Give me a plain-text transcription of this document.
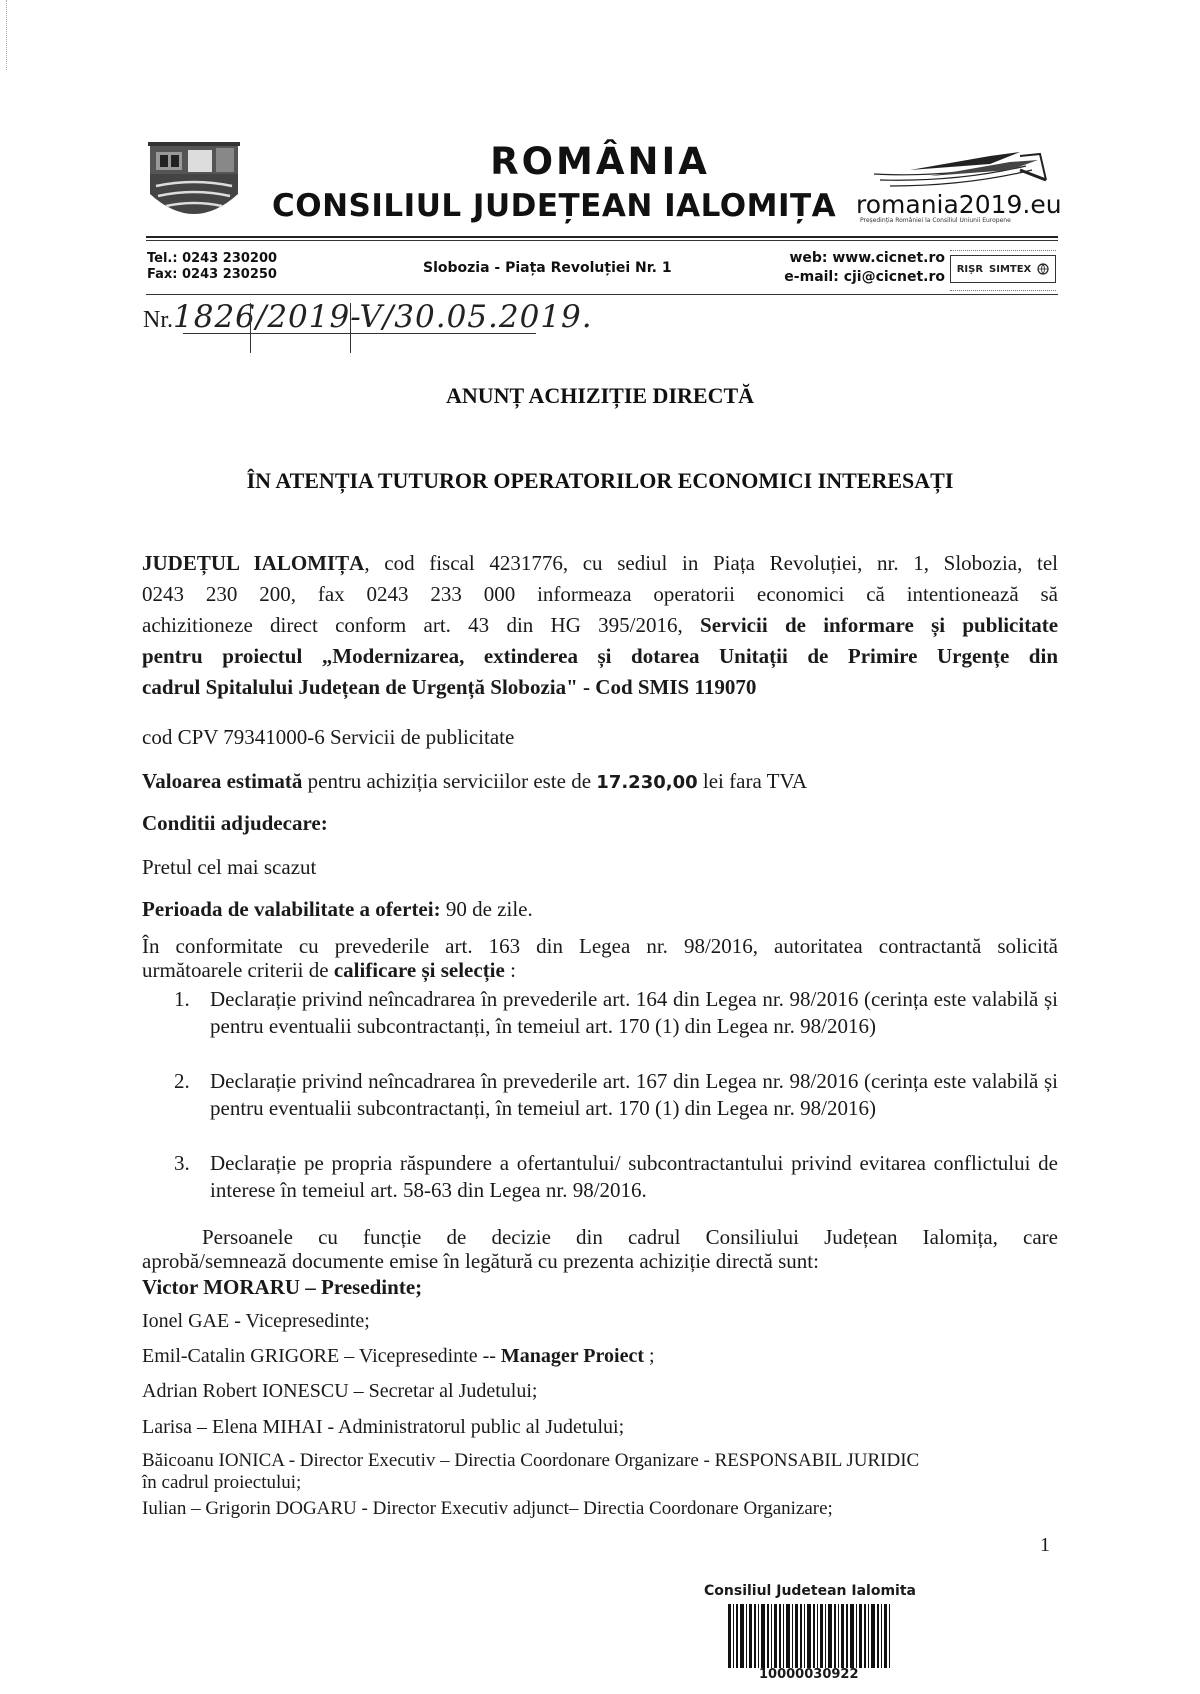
ROMÂNIA
CONSILIUL JUDEȚEAN IALOMIȚA romania2019.eu
Președinția României la Consiliul Uniunii Europene
Tel.: 0243 230200
Fax: 0243 230250	Slobozia - Piața Revoluției Nr. 1
web: www.cicnet.ro
e-mail: cji@cicnet.ro RIȘR SIMTEX
Nr.1826/2019-V/30.05.2019.
ANUNȚ ACHIZIȚIE DIRECTĂ
ÎN ATENȚIA TUTUROR OPERATORILOR ECONOMICI INTERESAȚI
JUDEȚUL IALOMIȚA, cod fiscal 4231776, cu sediul in Piața Revoluției, nr. 1, Slobozia, tel
0243 230 200, fax 0243 233 000 informeaza operatorii economici că intentionează să
achizitioneze direct conform art. 43 din HG 395/2016, Servicii de informare și publicitate
pentru proiectul „Modernizarea, extinderea și dotarea Unitații de Primire Urgențe din
cadrul Spitalului Județean de Urgență Slobozia" - Cod SMIS 119070
cod CPV 79341000-6 Servicii de publicitate
Valoarea estimată pentru achiziția serviciilor este de 17.230,00 lei fara TVA
Conditii adjudecare:
Pretul cel mai scazut
Perioada de valabilitate a ofertei: 90 de zile.
În conformitate cu prevederile art. 163 din Legea nr. 98/2016, autoritatea contractantă solicită
următoarele criterii de calificare și selecție :
1. Declarație privind neîncadrarea în prevederile art. 164 din Legea nr. 98/2016 (cerința este valabilă și pentru eventualii subcontractanți, în temeiul art. 170 (1) din Legea nr. 98/2016)
2. Declarație privind neîncadrarea în prevederile art. 167 din Legea nr. 98/2016 (cerința este valabilă și pentru eventualii subcontractanți, în temeiul art. 170 (1) din Legea nr. 98/2016)
3. Declarație pe propria răspundere a ofertantului/ subcontractantului privind evitarea conflictului de interese în temeiul art. 58-63 din Legea nr. 98/2016.
Persoanele cu funcție de decizie din cadrul Consiliului Județean Ialomița, care
aprobă/semnează documente emise în legătură cu prezenta achiziție directă sunt:
Victor MORARU – Presedinte;
Ionel GAE - Vicepresedinte;
Emil-Catalin GRIGORE – Vicepresedinte -- Manager Proiect ;
Adrian Robert IONESCU – Secretar al Judetului;
Larisa – Elena MIHAI - Administratorul public al Judetului;
Băicoanu IONICA - Director Executiv – Directia Coordonare Organizare - RESPONSABIL JURIDIC
în cadrul proiectului;
Iulian – Grigorin DOGARU - Director Executiv adjunct– Directia Coordonare Organizare;
1
Consiliul Judetean Ialomita
10000030922
